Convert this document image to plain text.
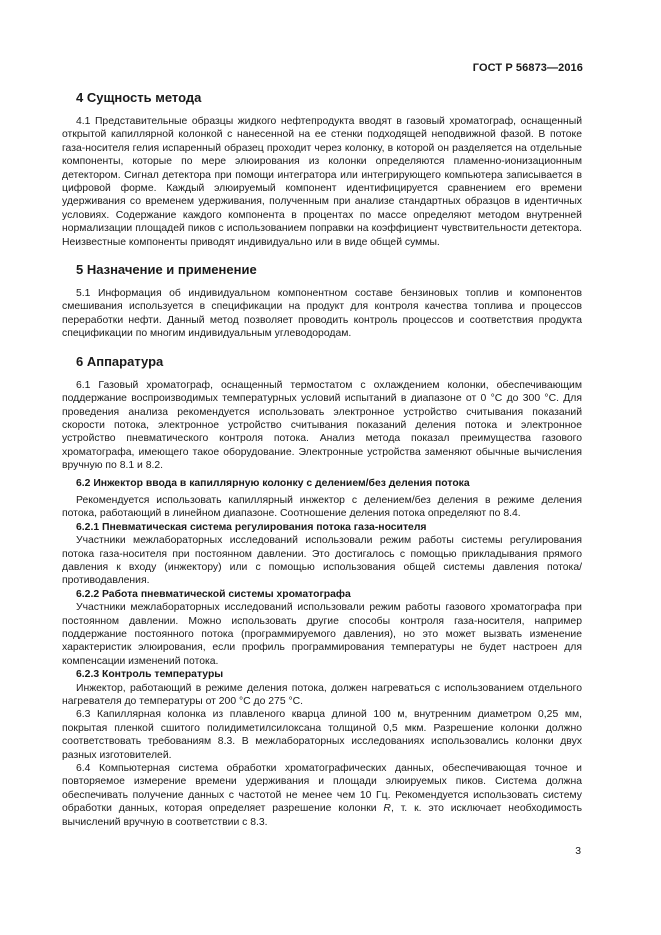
ГОСТ Р 56873—2016
4 Сущность метода

4.1 Представительные образцы жидкого нефтепродукта вводят в газовый хроматограф, оснащенный открытой капиллярной колонкой с нанесенной на ее стенки подходящей неподвижной фазой. В потоке газа-носителя гелия испаренный образец проходит через колонку, в которой он разделяется на отдельные компоненты, которые по мере элюирования из колонки определяются пламенно-ионизационным детектором. Сигнал детектора при помощи интегратора или интегрирующего компьютера записывается в цифровой форме. Каждый элюируемый компонент идентифицируется сравнением его времени удерживания со временем удерживания, полученным при анализе стандартных образцов в идентичных условиях. Содержание каждого компонента в процентах по массе определяют методом внутренней нормализации площадей пиков с использованием поправки на коэффициент чувствительности детектора. Неизвестные компоненты приводят индивидуально или в виде общей суммы.

5 Назначение и применение

5.1 Информация об индивидуальном компонентном составе бензиновых топлив и компонентов смешивания используется в спецификации на продукт для контроля качества топлива и процессов переработки нефти. Данный метод позволяет проводить контроль процессов и соответствия продукта спецификации по многим индивидуальным углеводородам.

6 Аппаратура

6.1 Газовый хроматограф, оснащенный термостатом с охлаждением колонки, обеспечивающим поддержание воспроизводимых температурных условий испытаний в диапазоне от 0 °С до 300 °С. Для проведения анализа рекомендуется использовать электронное устройство считывания показаний скорости потока, электронное устройство считывания показаний деления потока и электронное устройство пневматического контроля потока. Анализ метода показал преимущества газового хроматографа, имеющего такое оборудование. Электронные устройства заменяют обычные вычисления вручную по 8.1 и 8.2.

6.2 Инжектор ввода в капиллярную колонку с делением/без деления потока

Рекомендуется использовать капиллярный инжектор с делением/без деления в режиме деления потока, работающий в линейном диапазоне. Соотношение деления потока определяют по 8.4.

6.2.1 Пневматическая система регулирования потока газа-носителя

Участники межлабораторных исследований использовали режим работы системы регулирования потока газа-носителя при постоянном давлении. Это достигалось с помощью прикладывания прямого давления к входу (инжектору) или с помощью использования общей системы давления потока/противодавления.

6.2.2 Работа пневматической системы хроматографа

Участники межлабораторных исследований использовали режим работы газового хроматографа при постоянном давлении. Можно использовать другие способы контроля газа-носителя, например поддержание постоянного потока (программируемого давления), но это может вызвать изменение характеристик элюирования, если профиль программирования температуры не будет настроен для компенсации изменений потока.

6.2.3 Контроль температуры

Инжектор, работающий в режиме деления потока, должен нагреваться с использованием отдельного нагревателя до температуры от 200 °С до 275 °С.

6.3 Капиллярная колонка из плавленого кварца длиной 100 м, внутренним диаметром 0,25 мм, покрытая пленкой сшитого полидиметилсилоксана толщиной 0,5 мкм. Разрешение колонки должно соответствовать требованиям 8.3. В межлабораторных исследованиях использовались колонки двух разных изготовителей.

6.4 Компьютерная система обработки хроматографических данных, обеспечивающая точное и повторяемое измерение времени удерживания и площади элюируемых пиков. Система должна обеспечивать получение данных с частотой не менее чем 10 Гц. Рекомендуется использовать систему обработки данных, которая определяет разрешение колонки R, т. к. это исключает необходимость вычислений вручную в соответствии с 8.3.

3
